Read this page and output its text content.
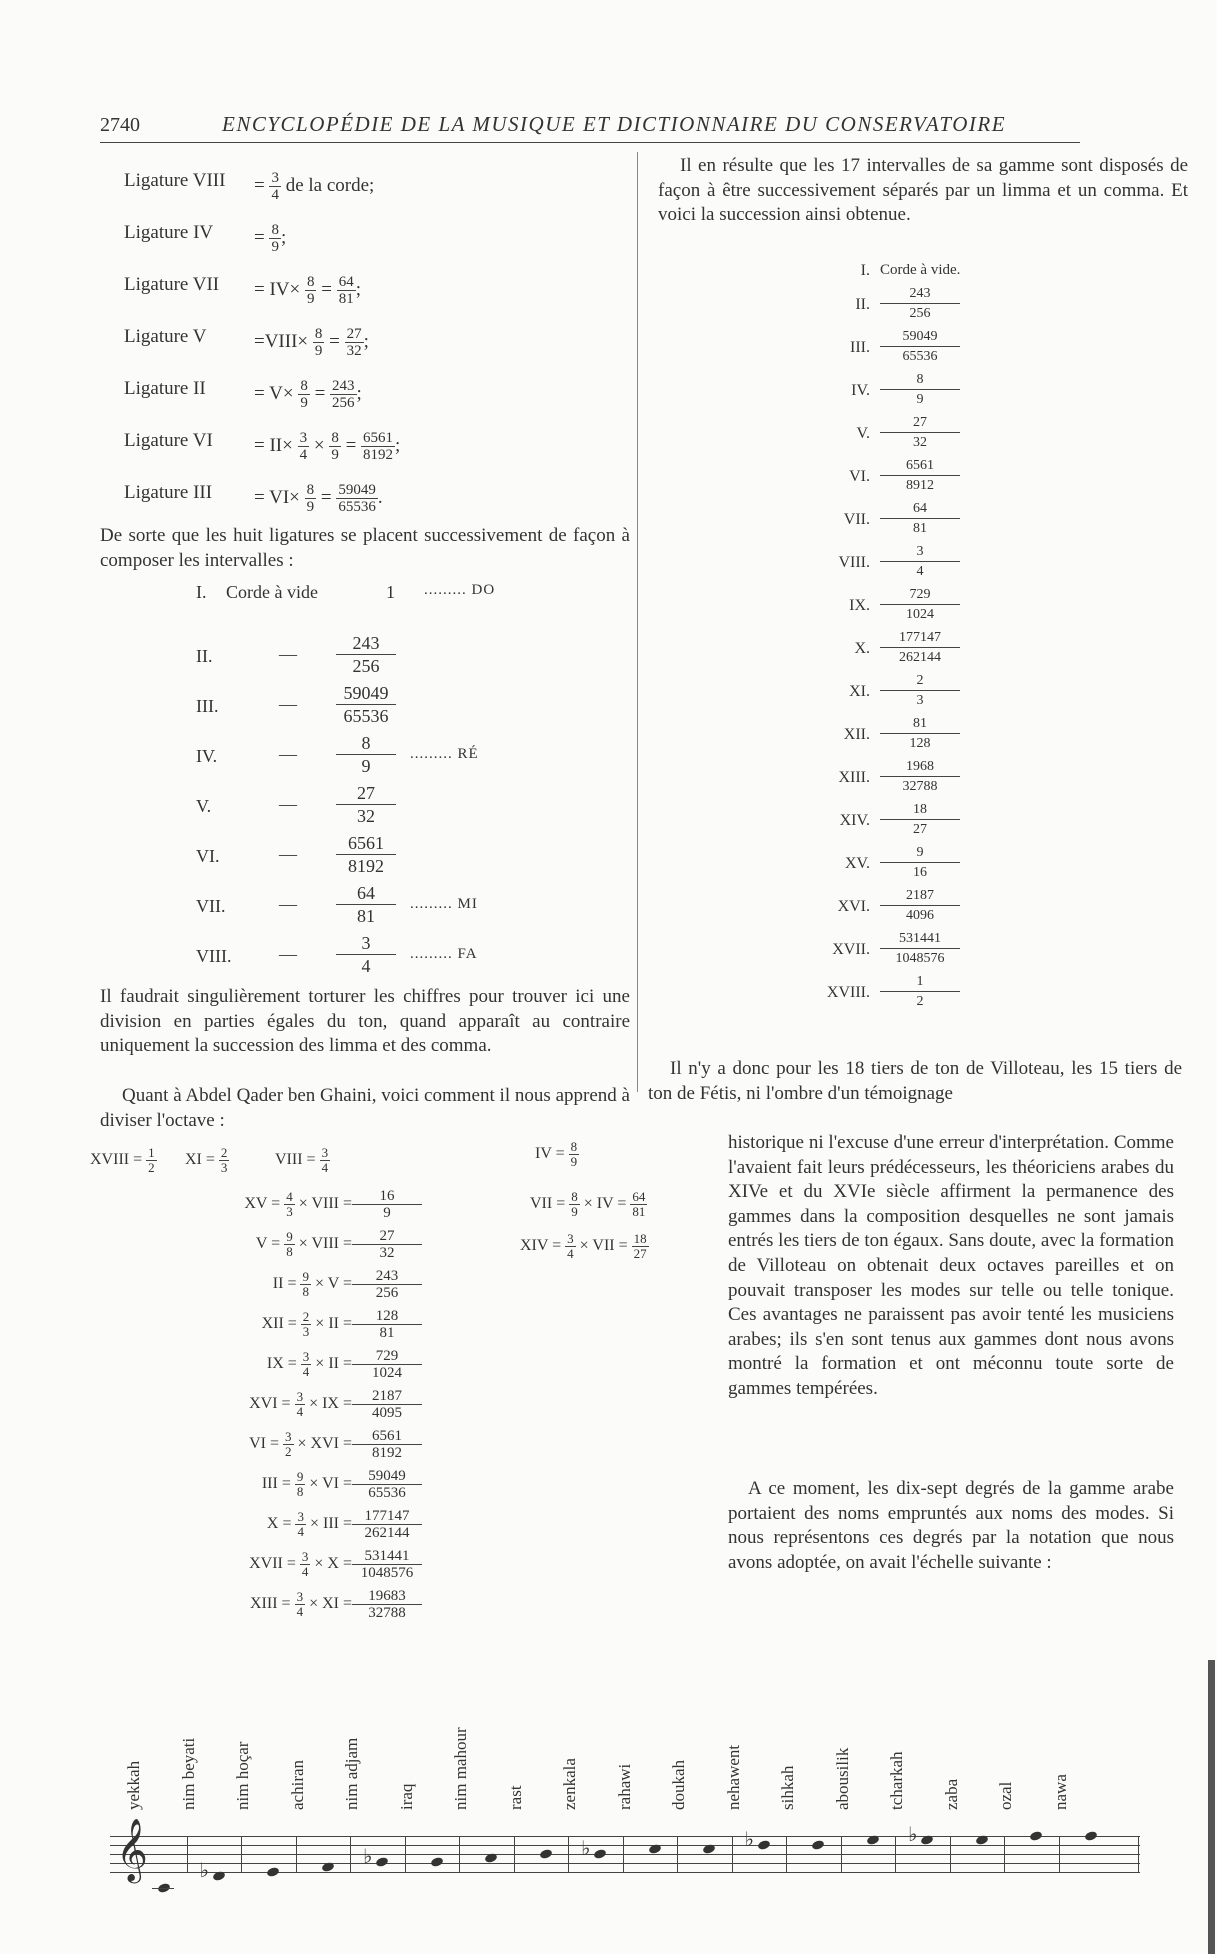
2740	ENCYCLOPÉDIE DE LA MUSIQUE ET DICTIONNAIRE DU CONSERVATOIRE
Ligature VIII	= $\frac{3}{4}$ de la corde;
Ligature IV	= $\frac{8}{9}$ ;
Ligature VII	= $IV\times \frac{8}{9} = \frac{64}{81}$ ;
Ligature V	=VIII× $\frac{8}{9} = \frac{27}{32}$ ;
Ligature II	= $V\times \frac{8}{9} = \frac{243}{256}$ ;
Ligature VI	= $II\times \frac{3}{4} \times \frac{8}{9} = \frac{6561}{8192}$ ;
Ligature III	= $VI\times \frac{8}{9} = \frac{59049}{65536}$ .
De sorte que les huit ligatures se placent successivement de façon à composer les intervalles :
I. Corde à vide	1 ......... DO
II.	— $\frac{243}{256}$
III.	— $\frac{59049}{65536}$
IV.	— $\frac{8}{9}$ ......... RÉ
V.	— $\frac{27}{32}$
VI.	— $\frac{6561}{8192}$
VII.	— $\frac{64}{81}$ ......... MI
VIII.	— $\frac{3}{4}$ ......... FA
Il faudrait singulièrement torturer les chiffres pour trouver ici une division en parties égales du ton, quand apparaît au contraire uniquement la succession des limma et des comma.
Quant à Abdel Qader ben Ghaini, voici comment il nous apprend à diviser l'octave :
XVIII = $\frac{1}{2}$ XI = $\frac{2}{3}$	VIII = $\frac{3}{4}$	IV = $\frac{8}{9}$
XV = $\frac{4}{3}$ × VIII = $\frac{16}{9}$
$V = \frac{9}{8}$ × VIII = $\frac{27}{32}$
II = $\frac{9}{8} \times V = \frac{243}{256}$
XII = $\frac{2}{3}$ × II = $\frac{128}{81}$
IX = $\frac{3}{4}$ × II = $\frac{729}{1024}$
XVI = $\frac{3}{4}$ × IX = $\frac{2187}{4095}$
VI = $\frac{3}{2}$ × XVI = $\frac{6561}{8192}$
III = $\frac{9}{8}$ × VI = $\frac{59049}{65536}$
$X = \frac{3}{4}$ × III = $\frac{177147}{262144}$
XVII = $\frac{3}{4} \times X = \frac{531441}{1048576}$
XIII = $\frac{3}{4}$ × XI = $\frac{19683}{32788}$
VII = $\frac{8}{9}$ × IV = $\frac{64}{81}$
XIV = $\frac{3}{4}$ × VII = $\frac{18}{27}$
Il en résulte que les 17 intervalles de sa gamme sont disposés de façon à être successivement séparés par un limma et un comma. Et voici la succession ainsi obtenue.
I. Corde à vide.
II. $\frac{243}{256}$
III. $\frac{59049}{65536}$
IV. $\frac{8}{9}$
V. $\frac{27}{32}$
VI. $\frac{6561}{8912}$
VII. $\frac{64}{81}$
VIII. $\frac{3}{4}$
IX. $\frac{729}{1024}$
X. $\frac{177147}{262144}$
XI. $\frac{2}{3}$
XII. $\frac{81}{128}$
XIII. $\frac{1968}{32788}$
XIV. $\frac{18}{27}$
XV. $\frac{9}{16}$
XVI. $\frac{2187}{4096}$
XVII. $\frac{531441}{1048576}$
XVIII. $\frac{1}{2}$
Il n'y a donc pour les 18 tiers de ton de Villoteau, les 15 tiers de ton de Fétis, ni l'ombre d'un témoignage
historique ni l'excuse d'une erreur d'interprétation. Comme l'avaient fait leurs prédécesseurs, les théoriciens arabes du XIVe et du XVIe siècle affirment la permanence des gammes dans la composition desquelles ne sont jamais entrés les tiers de ton égaux. Sans doute, avec la formation de Villoteau on obtenait deux octaves pareilles et on pouvait transposer les modes sur telle ou telle tonique. Ces avantages ne paraissent pas avoir tenté les musiciens arabes; ils s'en sont tenus aux gammes dont nous avons montré la formation et ont méconnu toute sorte de gammes tempérées.
A ce moment, les dix-sept degrés de la gamme arabe portaient des noms empruntés aux noms des modes. Si nous représentons ces degrés par la notation que nous avons adoptée, on avait l'échelle suivante :
𝄞
yekkah nim beyati
♭
nim hoçar achiran nim adjam
♭
iraq nim mahour rast zenkala
♭
rahawi doukah nehawent
♭
sihkah abousilik tcharkah
♭
zaba ozal nawa
